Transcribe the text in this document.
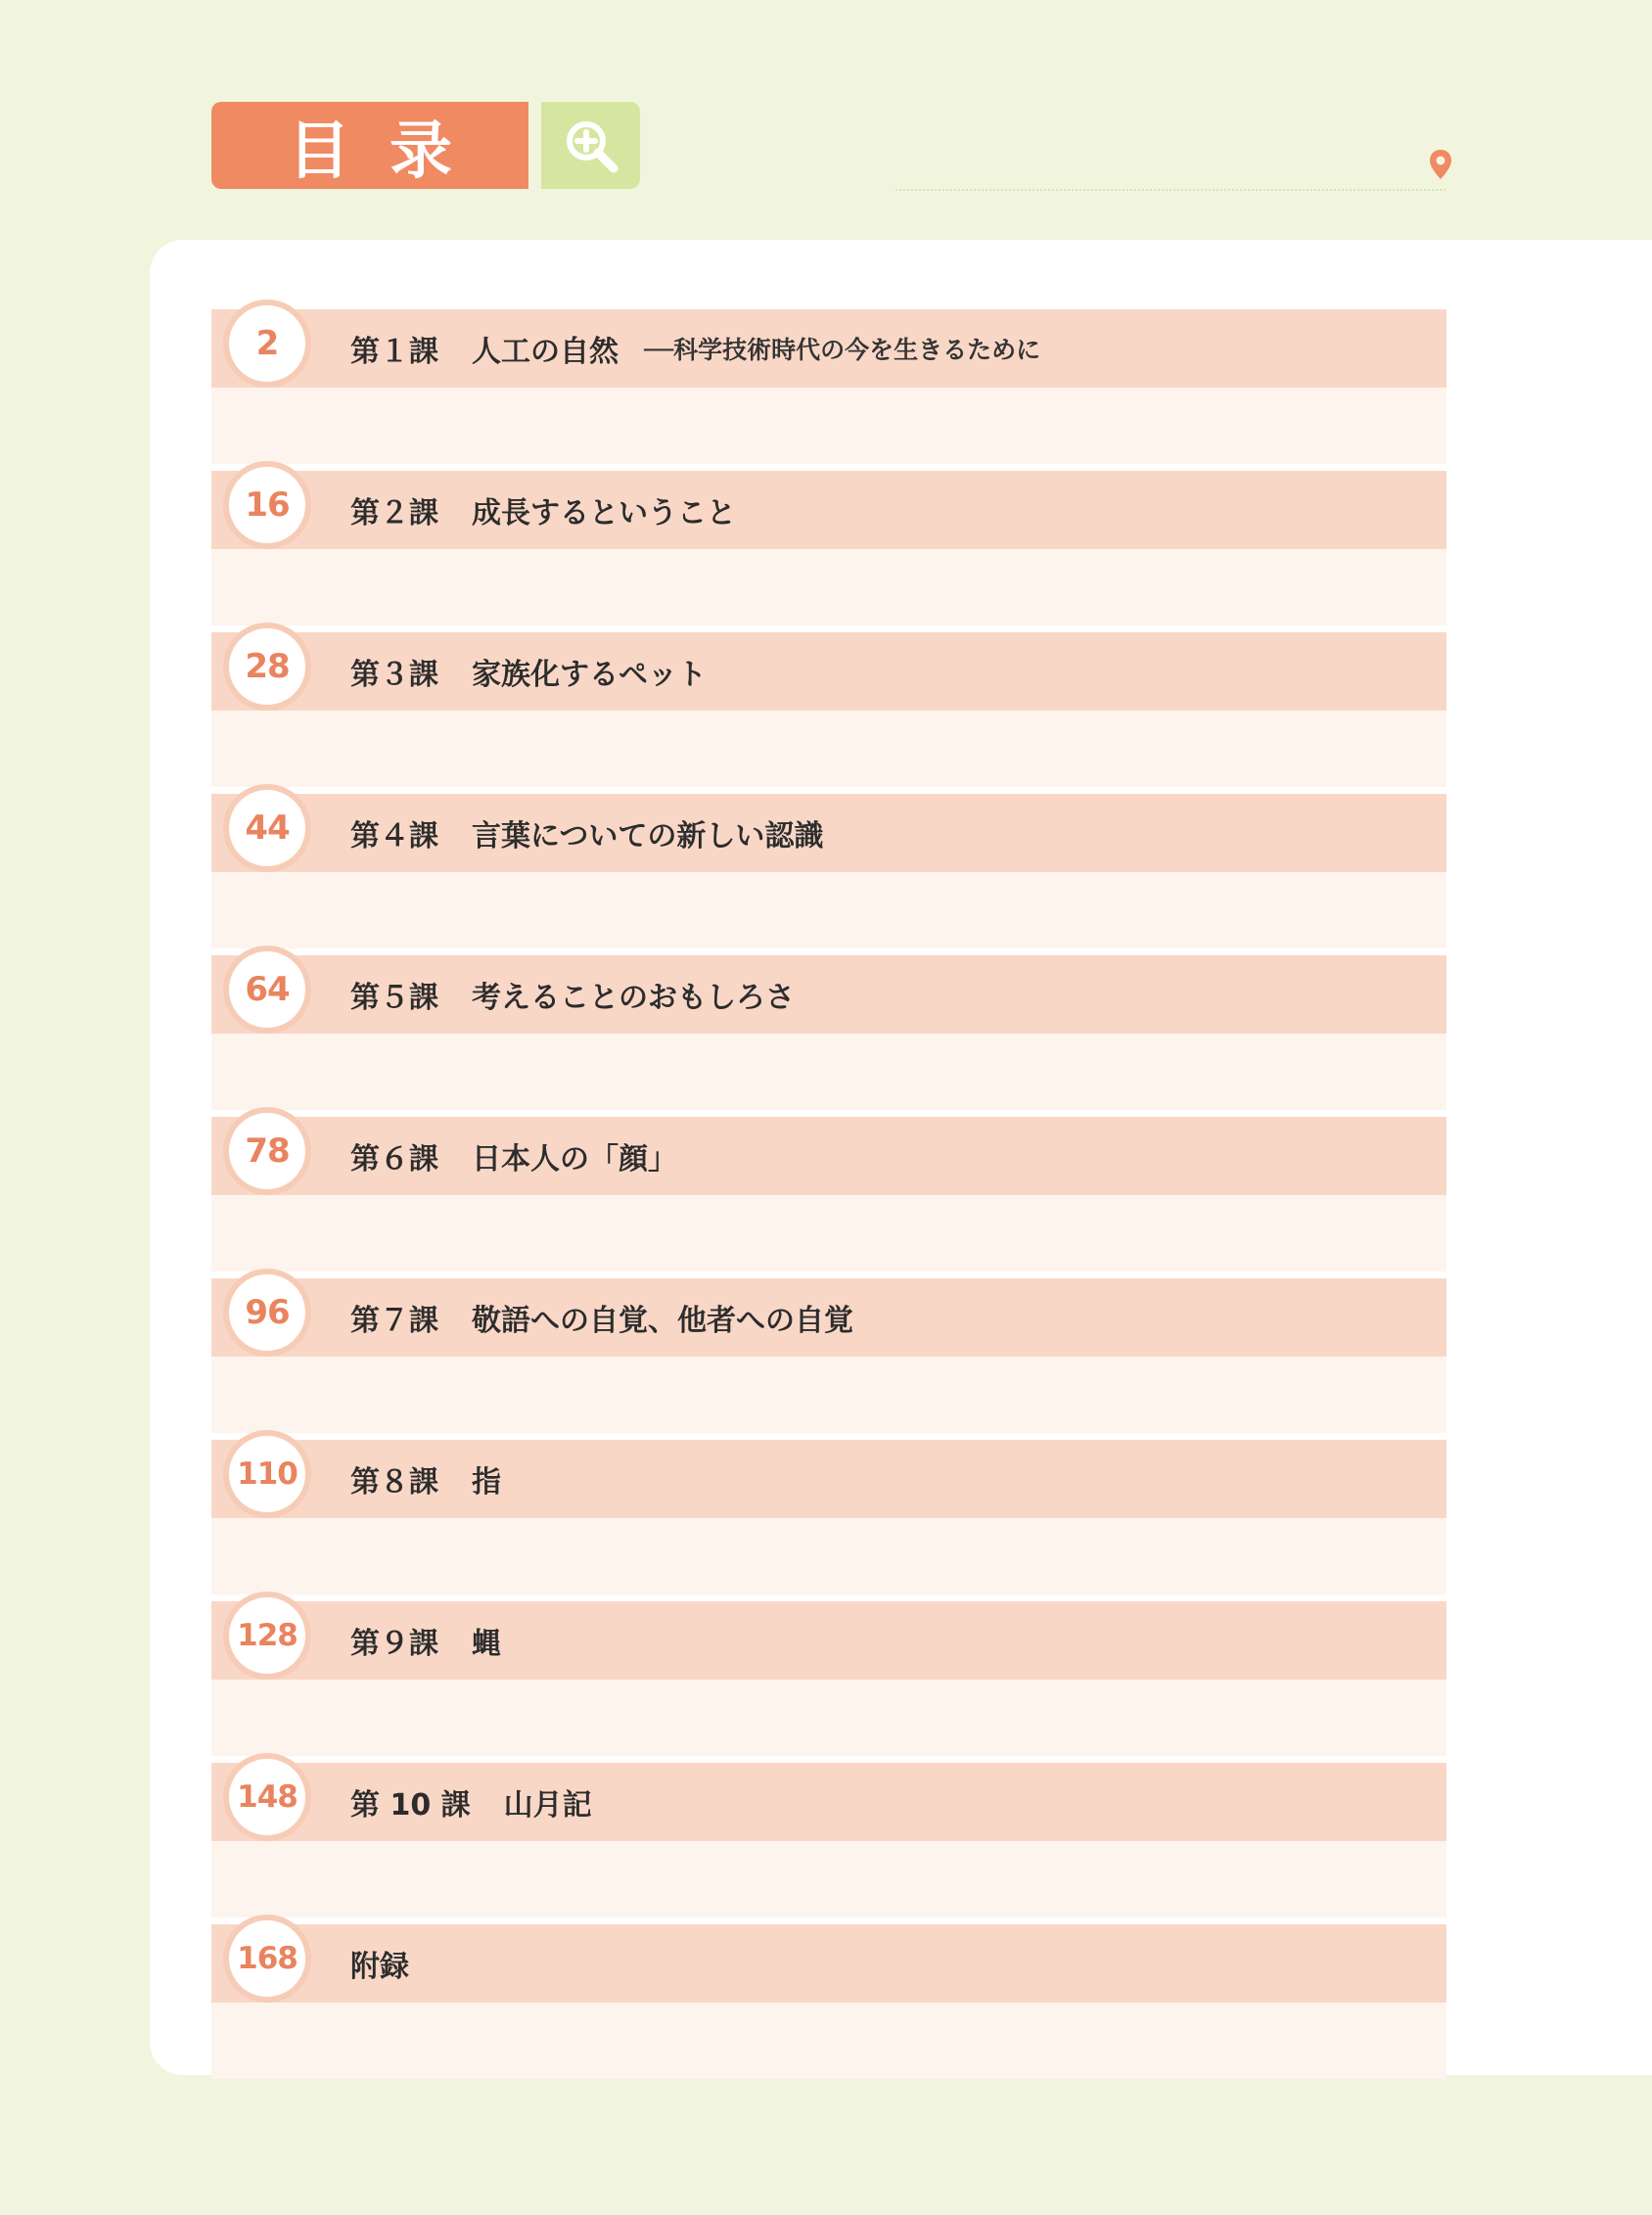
目录
2	第１課 人工の自然 ──科学技術時代の今を生きるために
16	第２課 成長するということ
28	第３課 家族化するペット
44	第４課 言葉についての新しい認識
64	第５課 考えることのおもしろさ
78	第６課 日本人の「顔」
96	第７課 敬語への自覚、他者への自覚
110	第８課 指
128	第９課 蝿
148	第 10 課 山月記
168	附録
